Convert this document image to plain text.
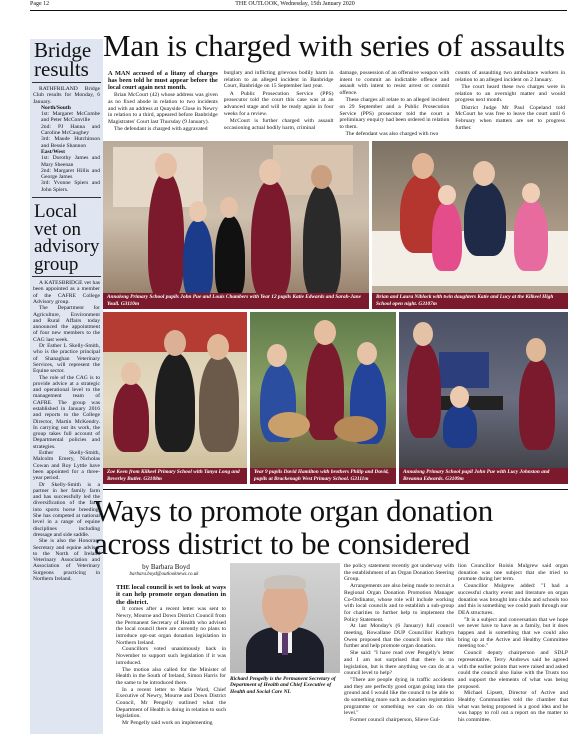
Page 12	THE OUTLOOK, Wednesday, 15th January 2020
Bridge results

RATHFRILAND Bridge Club results for Monday, 6 January.

North/South

1st: Margaret McCombe and Peter McConville

2nd: PJ Hanna and Caroline McCaughey

3rd: Maude Hutchinson and Bessie Shannon

East/West

1st: Dorothy James and Mary Sheenan

2nd: Margaret Hillis and George James

3rd: Yvonne Spiers and John Spiers.

Local vet on advisory group

A KATESBRIDGE vet has been appointed as a member of the CAFRE College Advisory group.

The Department for Agriculture, Environment and Rural Affairs today announced the appointment of four new members to the CAG last week.

Dr Esther L Skelly-Smith, who is the practice principal of Shanaghan Veterinary Services, will represent the Equine sector.

The role of the CAG is to provide advice at a strategic and operational level to the management team of CAFRE. The group was established in January 2016 and reports to the College Director, Martin McKendry. In carrying out its work, the group takes full account of Departmental policies and strategies.

Esther Skelly-Smith, Malcolm Emery, Nicholas Cowan and Roy Lyttle have been appointed for a three-year period.

Dr Skelly-Smith is a partner in her family farm and has successfully led the diversification of the farm into sports horse breeding. She has competed at national level in a range of equine disciplines including dressage and side saddle.

She is also the Honorary Secretary and equine advisor to the North of Ireland Veterinary Association and Association of Veterinary Surgeons practicing in Northern Ireland.

Man is charged with series of assaults

A MAN accused of a litany of charges has been told he must appear before the local court again next month.

Brian McCourt (42) whose address was given as no fixed abode in relation to two incidents and with an address at Quayside Close in Newry in relation to a third, appeared before Banbridge Magistrates' Court last Thursday (9 January).

The defendant is charged with aggravated

burglary and inflicting grievous bodily harm in relation to an alleged incident in Banbridge Court, Banbridge on 15 September last year.

A Public Prosecution Service (PPS) prosecutor told the court this case was at an advanced stage and will be ready again in four weeks for a review.

McCourt is further charged with assault occasioning actual bodily harm, criminal

damage, possession of an offensive weapon with intent to commit an indictable offence and assault with intent to resist arrest or commit offence.

These charges all relate to an alleged incident on 29 September and a Public Prosecution Service (PPS) prosecutor told the court a preliminary enquiry had been ordered in relation to them.

The defendant was also charged with two

counts of assaulting two ambulance workers in relation to an alleged incident on 2 January.

The court heard these two charges were in relation to an overnight matter and would progress next month.

District Judge Mr Paul Copeland told McCourt he was free to leave the court until 6 February when matters are set to progress further.

Annalong Primary School pupils John Pue and Louis Chambers with Year 12 pupils Katie Edwards and Sarah-Jane Youll. G3110m
Brian and Laura Niblock with twin daughters Katie and Lucy at the Kilkeel High School open night. G3107m
Zoe Keen from Kilkeel Primary School with Tanya Long and Beverley Butler. G3108m
Year 9 pupils David Hamilton with brothers Philip and David, pupils at Brackenagh West Primary School. G3111m
Annalong Primary School pupil John Pue with Lucy Johnston and Breanna Edwards. G3109m
Ways to promote organ donation across district to be considered
by Barbara Boyd
barbara.boyd@outlooknews.co.uk

THE local council is set to look at ways it can help promote organ donation in the district.

It comes after a recent letter was sent to Newry, Mourne and Down District Council from the Permanent Secretary of Health who advised the local council there are currently no plans to introduce opt-out organ donation legislation in Northern Ireland.

Councillors voted unanimously back in November to support such legislation if it was introduced.

The motion also called for the Minister of Health in the South of Ireland, Simon Harris for the same to be introduced there.

In a recent letter to Marie Ward, Chief Executive of Newry, Mourne and Down District Council, Mr Pengelly outlined what the Department of Health is doing in relation to such legislation.

Mr Pengelly said work on implementing

Richard Pengelly is the Permanent Secretary of Department of Health and Chief Executive of Health and Social Care NI.

the policy statement recently got underway with the establishment of an Organ Donation Steering Group.

Arrangements are also being made to recruit a Regional Organ Donation Promotion Manager Co-Ordinator, whose role will include working with local councils and to establish a sub-group for charities to further help to implement the Policy Statement.

At last Monday's (6 January) full council meeting, Rowallane DUP Councillor Kathryn Owen proposed that the council look into this further and help promote organ donation.

She said: "I have read over Pengelly's letter and I am not surprised that there is no legislation, but is there anything we can do at a council level to help?

"There are people dying in traffic accidents and they are perfectly good organ going into the ground and I would like the council to be able to do something more such as donation registration programme or something we can do on this level."

Former council chairperson, Slieve Gul-

lion Councillor Roisin Mulgrew said organ donation was one subject that she tried to promote during her term.

Councillor Mulgrew added: "I had a successful charity event and literature on organ donation was brought into clubs and schools too and this is something we could push through our DEA structures.

"It is a subject and conversation that we hope we never have to have as a family, but it does happen and is something that we could also bring up at the Active and Healthy Committee meeting too."

Council deputy chairperson and SDLP representative, Terry Andrews said he agreed with the earlier points that were raised and asked could the council also liaise with the Trusts too and support the elements of what was being proposed.

Michael Lipsett, Director of Active and Healthy Communities told the chamber that what was being proposed is a good idea and he was happy to roll out a report on the matter to his committee.
